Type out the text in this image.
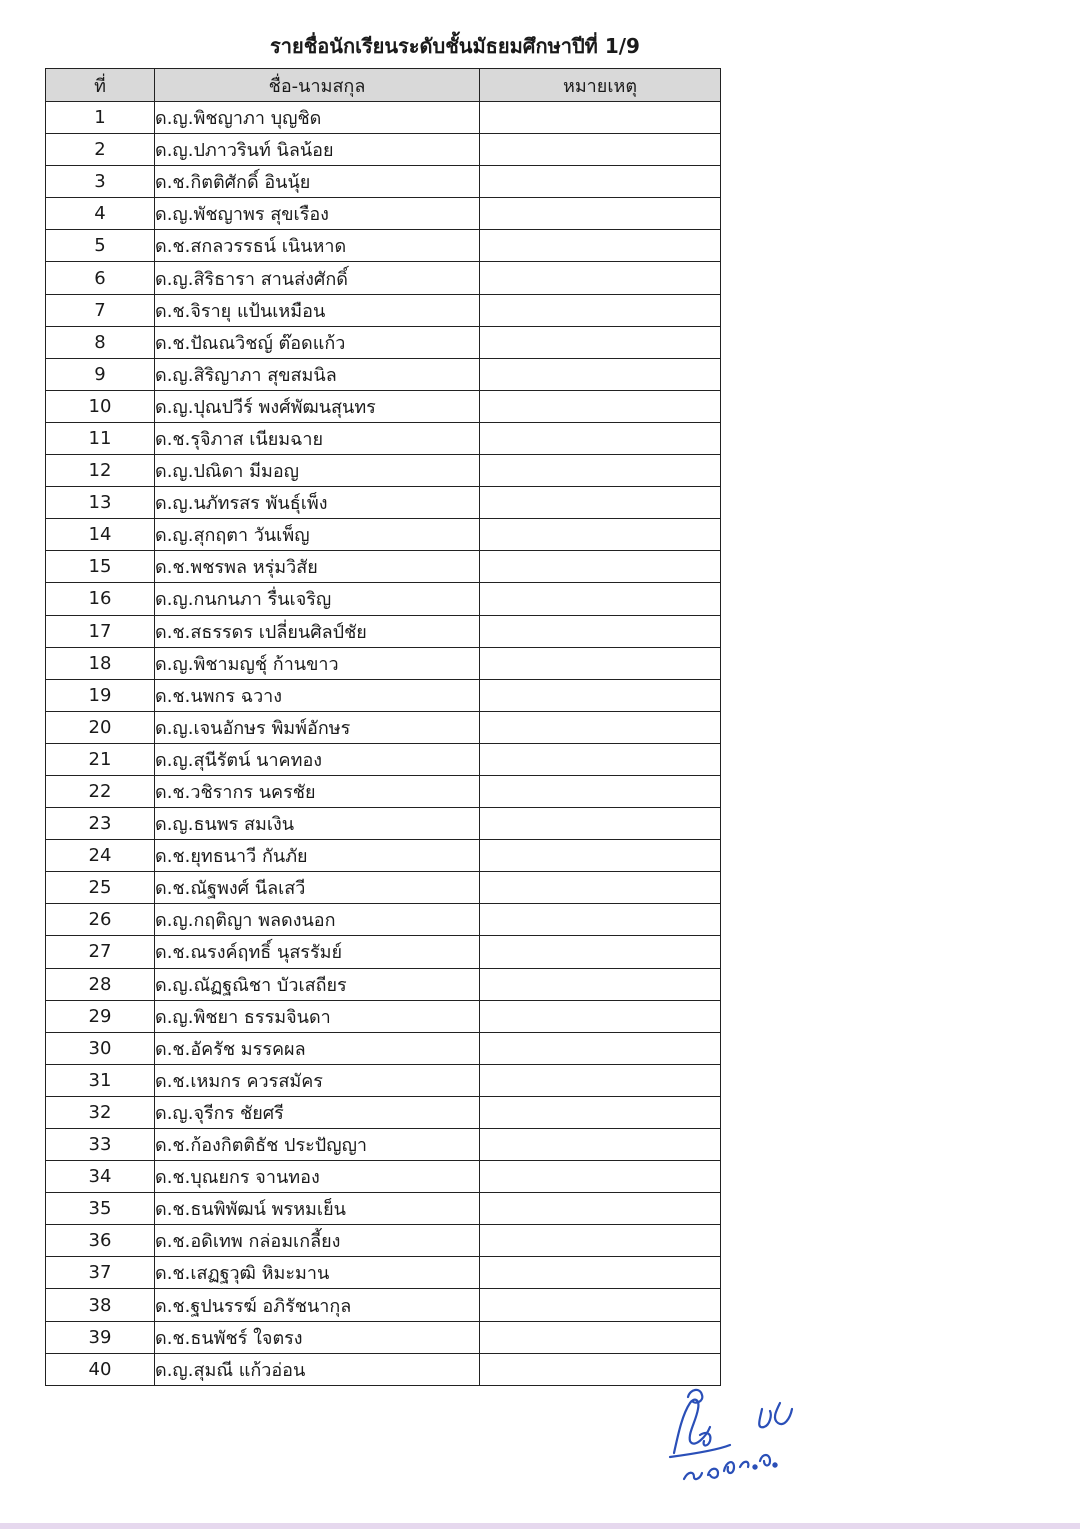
รายชื่อนักเรียนระดับชั้นมัธยมศึกษาปีที่ 1/9
ที่	ชื่อ-นามสกุล	หมายเหตุ
1	ด.ญ.พิชญาภา บุญชิด	
2	ด.ญ.ปภาวรินท์ นิลน้อย	
3	ด.ช.กิตติศักดิ์ อินนุ้ย	
4	ด.ญ.พัชญาพร สุขเรือง	
5	ด.ช.สกลวรรธน์ เนินหาด	
6	ด.ญ.สิริธารา สานส่งศักดิ์	
7	ด.ช.จิรายุ แป้นเหมือน	
8	ด.ช.ปัณณวิชญ์ ต๊อดแก้ว	
9	ด.ญ.สิริญาภา สุขสมนิล	
10	ด.ญ.ปุณปวีร์ พงศ์พัฒนสุนทร	
11	ด.ช.รุจิภาส เนียมฉาย	
12	ด.ญ.ปณิดา มีมอญ	
13	ด.ญ.นภัทรสร พันธุ์เพ็ง	
14	ด.ญ.สุกฤตา วันเพ็ญ	
15	ด.ช.พชรพล หรุ่มวิสัย	
16	ด.ญ.กนกนภา รื่นเจริญ	
17	ด.ช.สธรรดร เปลี่ยนศิลป์ชัย	
18	ด.ญ.พิชามญชุ์ ก้านขาว	
19	ด.ช.นพกร ฉวาง	
20	ด.ญ.เจนอักษร พิมพ์อักษร	
21	ด.ญ.สุนีรัตน์ นาคทอง	
22	ด.ช.วชิรากร นครชัย	
23	ด.ญ.ธนพร สมเงิน	
24	ด.ช.ยุทธนาวี กันภัย	
25	ด.ช.ณัฐพงศ์ นีลเสวี	
26	ด.ญ.กฤติญา พลดงนอก	
27	ด.ช.ณรงค์ฤทธิ์ นุสรรัมย์	
28	ด.ญ.ณัฏฐณิชา บัวเสถียร	
29	ด.ญ.พิชยา ธรรมจินดา	
30	ด.ช.อัครัช มรรคผล	
31	ด.ช.เหมกร ควรสมัคร	
32	ด.ญ.จุรีกร ชัยศรี	
33	ด.ช.ก้องกิตติธัช ประปัญญา	
34	ด.ช.บุณยกร จานทอง	
35	ด.ช.ธนพิพัฒน์ พรหมเย็น	
36	ด.ช.อดิเทพ กล่อมเกลี้ยง	
37	ด.ช.เสฏฐวุฒิ หิมะมาน	
38	ด.ช.ฐปนรรฆ์ อภิรัชนากุล	
39	ด.ช.ธนพัชร์ ใจตรง	
40	ด.ญ.สุมณี แก้วอ่อน	
